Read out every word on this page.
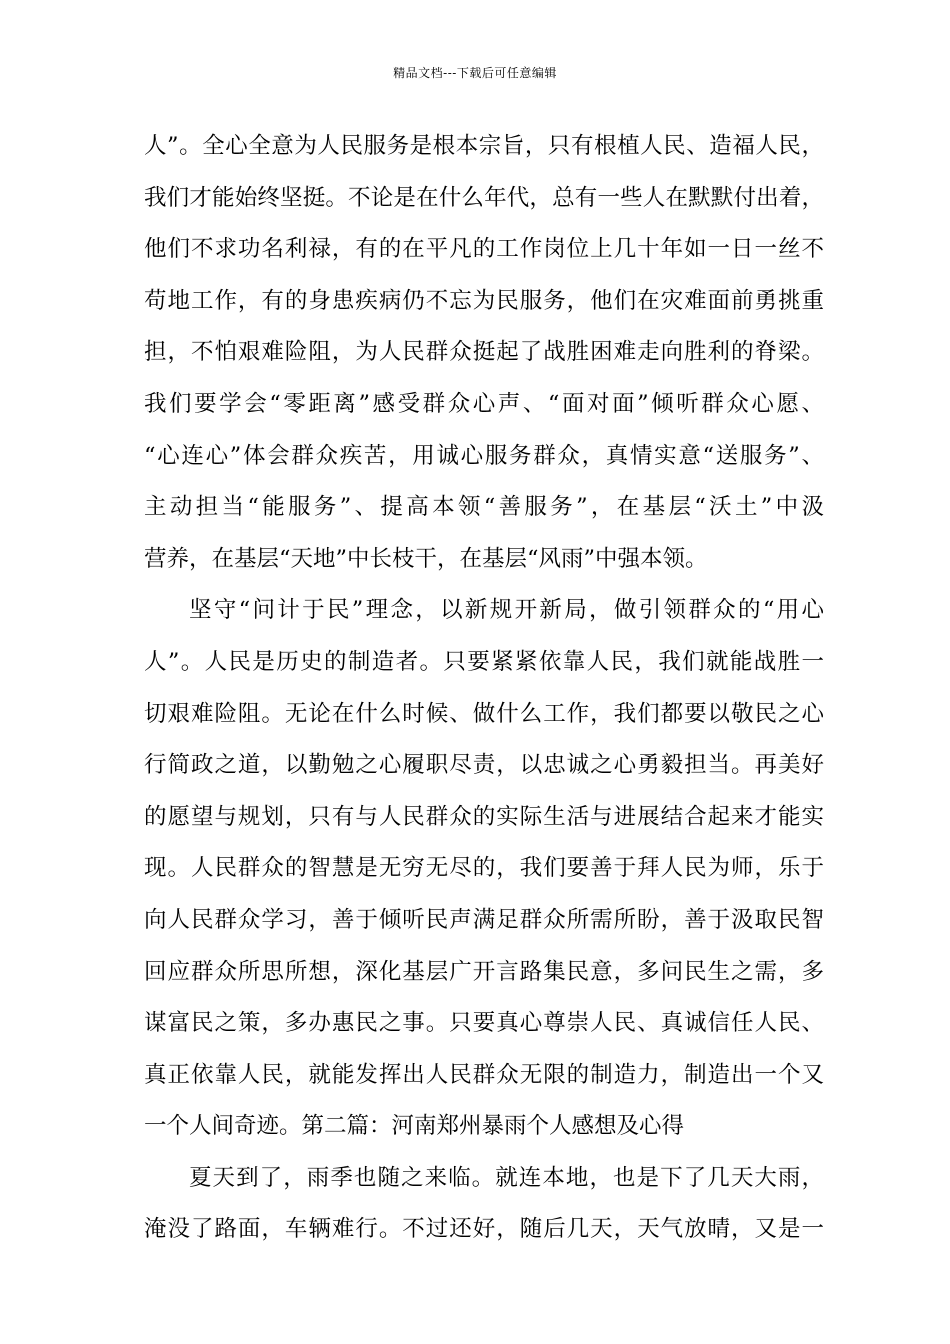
精品文档---下载后可任意编辑
人”。全心全意为人民服务是根本宗旨，只有根植人民、造福人民，
我们才能始终坚挺。不论是在什么年代，总有一些人在默默付出着，
他们不求功名利禄，有的在平凡的工作岗位上几十年如一日一丝不
苟地工作，有的身患疾病仍不忘为民服务，他们在灾难面前勇挑重
担，不怕艰难险阻，为人民群众挺起了战胜困难走向胜利的脊梁。
我们要学会“零距离”感受群众心声、“面对面”倾听群众心愿、
“心连心”体会群众疾苦，用诚心服务群众，真情实意“送服务”、
主动担当“能服务”、提高本领“善服务”，在基层“沃土”中汲
营养，在基层“天地”中长枝干，在基层“风雨”中强本领。
坚守“问计于民”理念，以新规开新局，做引领群众的“用心
人”。人民是历史的制造者。只要紧紧依靠人民，我们就能战胜一
切艰难险阻。无论在什么时候、做什么工作，我们都要以敬民之心
行简政之道，以勤勉之心履职尽责，以忠诚之心勇毅担当。再美好
的愿望与规划，只有与人民群众的实际生活与进展结合起来才能实
现。人民群众的智慧是无穷无尽的，我们要善于拜人民为师，乐于
向人民群众学习，善于倾听民声满足群众所需所盼，善于汲取民智
回应群众所思所想，深化基层广开言路集民意，多问民生之需，多
谋富民之策，多办惠民之事。只要真心尊崇人民、真诚信任人民、
真正依靠人民，就能发挥出人民群众无限的制造力，制造出一个又
一个人间奇迹。第二篇：河南郑州暴雨个人感想及心得
夏天到了，雨季也随之来临。就连本地，也是下了几天大雨，
淹没了路面，车辆难行。不过还好，随后几天，天气放晴，又是一
